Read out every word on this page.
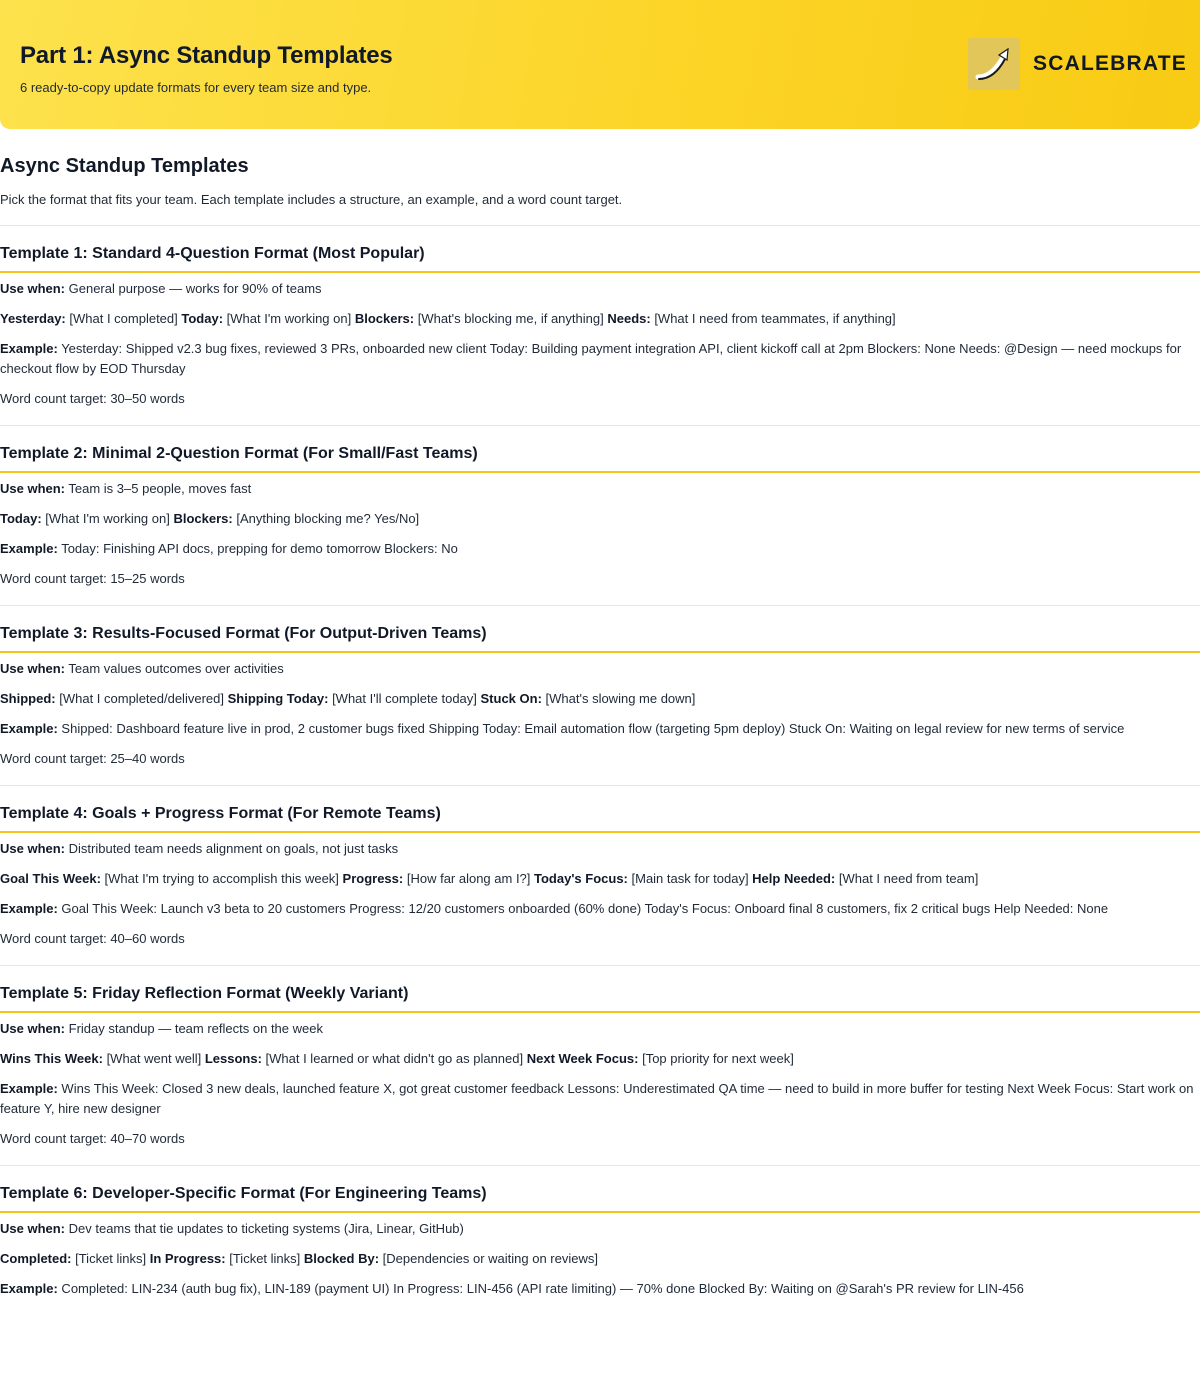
Part 1: Async Standup Templates

6 ready-to-copy update formats for every team size and type.

SCALEBRATE
Async Standup Templates

Pick the format that fits your team. Each template includes a structure, an example, and a word count target.

Template 1: Standard 4-Question Format (Most Popular)

Use when: General purpose — works for 90% of teams

Yesterday: [What I completed] Today: [What I'm working on] Blockers: [What's blocking me, if anything] Needs: [What I need from teammates, if anything]

Example: Yesterday: Shipped v2.3 bug fixes, reviewed 3 PRs, onboarded new client Today: Building payment integration API, client kickoff call at 2pm Blockers: None Needs: @Design — need mockups for checkout flow by EOD Thursday

Word count target: 30–50 words

Template 2: Minimal 2-Question Format (For Small/Fast Teams)

Use when: Team is 3–5 people, moves fast

Today: [What I'm working on] Blockers: [Anything blocking me? Yes/No]

Example: Today: Finishing API docs, prepping for demo tomorrow Blockers: No

Word count target: 15–25 words

Template 3: Results-Focused Format (For Output-Driven Teams)

Use when: Team values outcomes over activities

Shipped: [What I completed/delivered] Shipping Today: [What I'll complete today] Stuck On: [What's slowing me down]

Example: Shipped: Dashboard feature live in prod, 2 customer bugs fixed Shipping Today: Email automation flow (targeting 5pm deploy) Stuck On: Waiting on legal review for new terms of service

Word count target: 25–40 words

Template 4: Goals + Progress Format (For Remote Teams)

Use when: Distributed team needs alignment on goals, not just tasks

Goal This Week: [What I'm trying to accomplish this week] Progress: [How far along am I?] Today's Focus: [Main task for today] Help Needed: [What I need from team]

Example: Goal This Week: Launch v3 beta to 20 customers Progress: 12/20 customers onboarded (60% done) Today's Focus: Onboard final 8 customers, fix 2 critical bugs Help Needed: None

Word count target: 40–60 words

Template 5: Friday Reflection Format (Weekly Variant)

Use when: Friday standup — team reflects on the week

Wins This Week: [What went well] Lessons: [What I learned or what didn't go as planned] Next Week Focus: [Top priority for next week]

Example: Wins This Week: Closed 3 new deals, launched feature X, got great customer feedback Lessons: Underestimated QA time — need to build in more buffer for testing Next Week Focus: Start work on feature Y, hire new designer

Word count target: 40–70 words

Template 6: Developer-Specific Format (For Engineering Teams)

Use when: Dev teams that tie updates to ticketing systems (Jira, Linear, GitHub)

Completed: [Ticket links] In Progress: [Ticket links] Blocked By: [Dependencies or waiting on reviews]

Example: Completed: LIN-234 (auth bug fix), LIN-189 (payment UI) In Progress: LIN-456 (API rate limiting) — 70% done Blocked By: Waiting on @Sarah's PR review for LIN-456
